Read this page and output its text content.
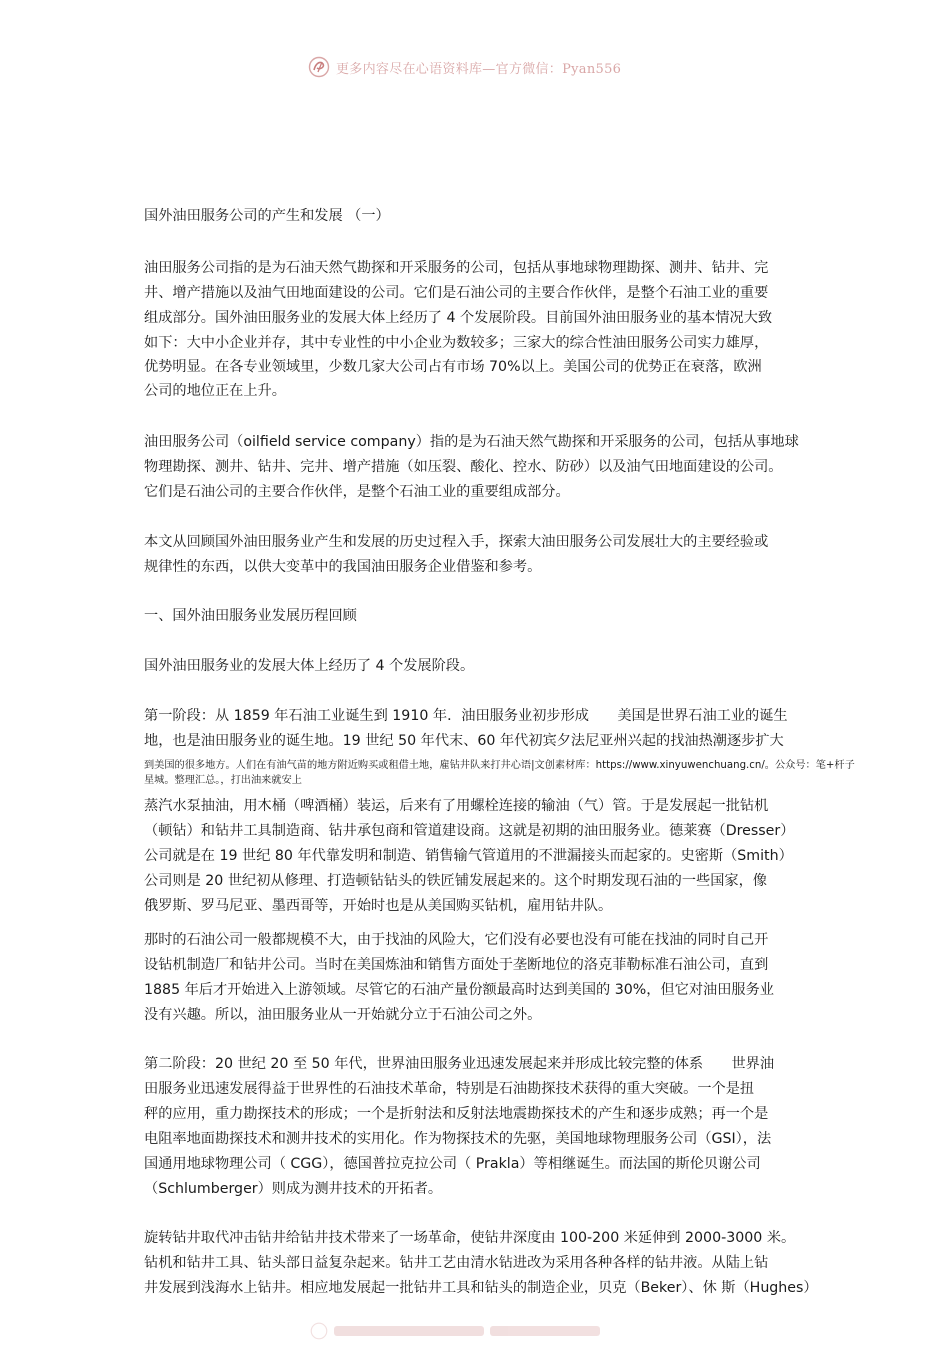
更多内容尽在心语资料库—官方微信：Pyan556
国外油田服务公司的产生和发展 （一）
油田服务公司指的是为石油天然气勘探和开采服务的公司，包括从事地球物理勘探、测井、钻井、完
井、增产措施以及油气田地面建设的公司。它们是石油公司的主要合作伙伴，是整个石油工业的重要
组成部分。国外油田服务业的发展大体上经历了 4 个发展阶段。目前国外油田服务业的基本情况大致
如下：大中小企业并存，其中专业性的中小企业为数较多；三家大的综合性油田服务公司实力雄厚，
优势明显。在各专业领域里，少数几家大公司占有市场 70%以上。美国公司的优势正在衰落，欧洲
公司的地位正在上升。
油田服务公司（oilfield service company）指的是为石油天然气勘探和开采服务的公司，包括从事地球
物理勘探、测井、钻井、完井、增产措施（如压裂、酸化、控水、防砂）以及油气田地面建设的公司。
它们是石油公司的主要合作伙伴，是整个石油工业的重要组成部分。
本文从回顾国外油田服务业产生和发展的历史过程入手，探索大油田服务公司发展壮大的主要经验或
规律性的东西，以供大变革中的我国油田服务企业借鉴和参考。
一、国外油田服务业发展历程回顾
国外油田服务业的发展大体上经历了 4 个发展阶段。
第一阶段：从 1859 年石油工业诞生到 1910 年．油田服务业初步形成　　美国是世界石油工业的诞生
地，也是油田服务业的诞生地。19 世纪 50 年代末、60 年代初宾夕法尼亚州兴起的找油热潮逐步扩大
到美国的很多地方。人们在有油气苗的地方附近购买或租借土地，雇钻井队来打井心语|文创素材库：https://www.xinyuwenchuang.cn/。公众号：笔+杆子
星城。整理汇总。，打出油来就安上
蒸汽水泵抽油，用木桶（啤酒桶）装运，后来有了用螺栓连接的输油（气）管。于是发展起一批钻机
（顿钻）和钻井工具制造商、钻井承包商和管道建设商。这就是初期的油田服务业。德莱赛（Dresser）
公司就是在 19 世纪 80 年代靠发明和制造、销售输气管道用的不泄漏接头而起家的。史密斯（Smith）
公司则是 20 世纪初从修理、打造顿钻钻头的铁匠铺发展起来的。这个时期发现石油的一些国家，像
俄罗斯、罗马尼亚、墨西哥等，开始时也是从美国购买钻机，雇用钻井队。
那时的石油公司一般都规模不大，由于找油的风险大，它们没有必要也没有可能在找油的同时自己开
设钻机制造厂和钻井公司。当时在美国炼油和销售方面处于垄断地位的洛克菲勒标准石油公司，直到
1885 年后才开始进入上游领域。尽管它的石油产量份额最高时达到美国的 30%，但它对油田服务业
没有兴趣。所以，油田服务业从一开始就分立于石油公司之外。
第二阶段：20 世纪 20 至 50 年代，世界油田服务业迅速发展起来并形成比较完整的体系　　世界油
田服务业迅速发展得益于世界性的石油技术革命，特别是石油勘探技术获得的重大突破。一个是扭
秤的应用，重力勘探技术的形成；一个是折射法和反射法地震勘探技术的产生和逐步成熟；再一个是
电阻率地面勘探技术和测井技术的实用化。作为物探技术的先驱，美国地球物理服务公司（GSI），法
国通用地球物理公司（ CGG），德国普拉克拉公司（ Prakla）等相继诞生。而法国的斯伦贝谢公司
（Schlumberger）则成为测井技术的开拓者。
旋转钻井取代冲击钻井给钻井技术带来了一场革命，使钻井深度由 100-200 米延伸到 2000-3000 米。
钻机和钻井工具、钻头部日益复杂起来。钻井工艺由清水钻进改为采用各种各样的钻井液。从陆上钻
井发展到浅海水上钻井。相应地发展起一批钻井工具和钻头的制造企业，贝克（Beker）、休 斯（Hughes）
